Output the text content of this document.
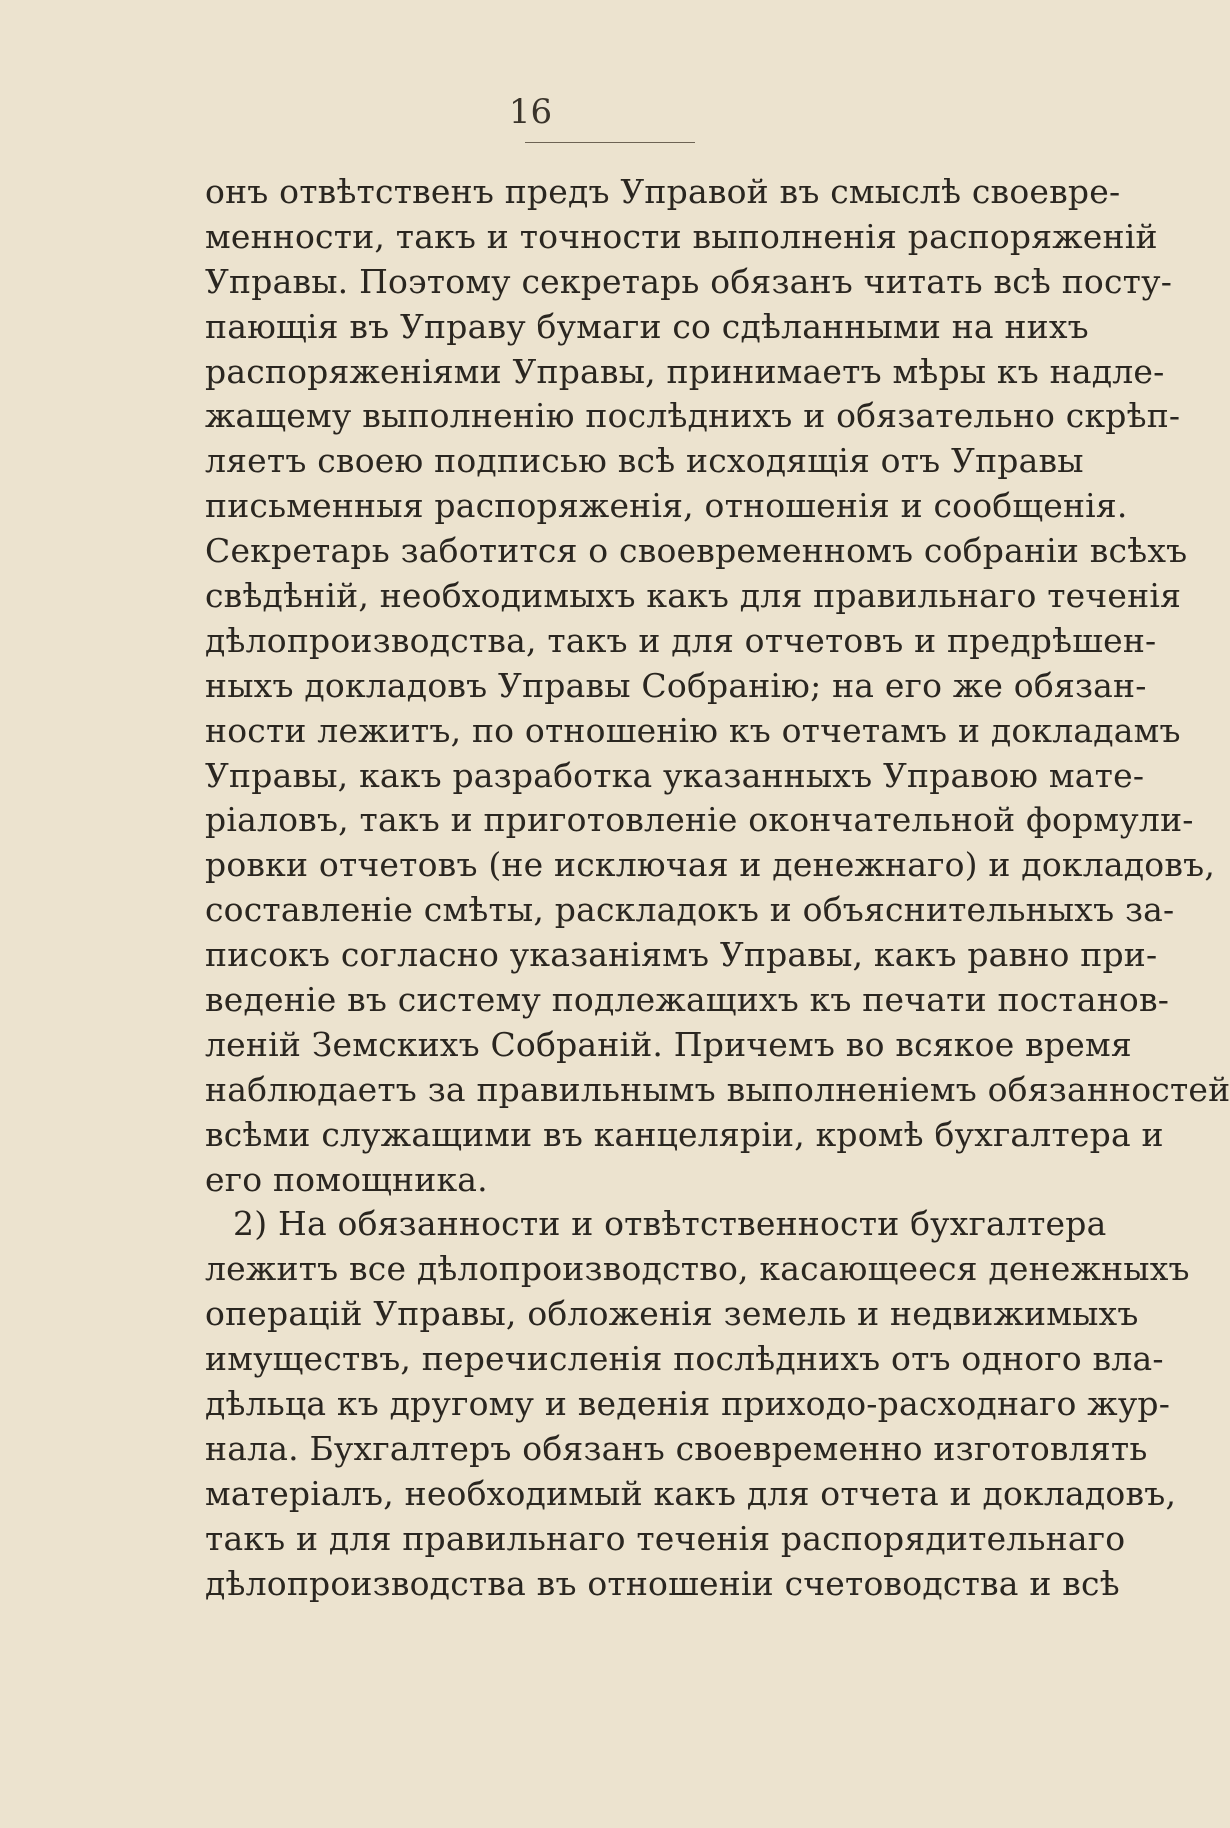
16
онъ отвѣтственъ предъ Управой въ смыслѣ своевре-
менности, такъ и точности выполненія распоряженій
Управы. Поэтому секретарь обязанъ читать всѣ посту-
пающія въ Управу бумаги со сдѣланными на нихъ
распоряженіями Управы, принимаетъ мѣры къ надле-
жащему выполненію послѣднихъ и обязательно скрѣп-
ляетъ своею подписью всѣ исходящія отъ Управы
письменныя распоряженія, отношенія и сообщенія.
Секретарь заботится о своевременномъ собраніи всѣхъ
свѣдѣній, необходимыхъ какъ для правильнаго теченія
дѣлопроизводства, такъ и для отчетовъ и предрѣшен-
ныхъ докладовъ Управы Собранію; на его же обязан-
ности лежитъ, по отношенію къ отчетамъ и докладамъ
Управы, какъ разработка указанныхъ Управою мате-
ріаловъ, такъ и приготовленіе окончательной формули-
ровки отчетовъ (не исключая и денежнаго) и докладовъ,
составленіе смѣты, раскладокъ и объяснительныхъ за-
писокъ согласно указаніямъ Управы, какъ равно при-
веденіе въ систему подлежащихъ къ печати постанов-
леній Земскихъ Собраній. Причемъ во всякое время
наблюдаетъ за правильнымъ выполненіемъ обязанностей
всѣми служащими въ канцеляріи, кромѣ бухгалтера и
его помощника.
2) На обязанности и отвѣтственности бухгалтера
лежитъ все дѣлопроизводство, касающееся денежныхъ
операцій Управы, обложенія земель и недвижимыхъ
имуществъ, перечисленія послѣднихъ отъ одного вла-
дѣльца къ другому и веденія приходо-расходнаго жур-
нала. Бухгалтеръ обязанъ своевременно изготовлять
матеріалъ, необходимый какъ для отчета и докладовъ,
такъ и для правильнаго теченія распорядительнаго
дѣлопроизводства въ отношеніи счетоводства и всѣ
